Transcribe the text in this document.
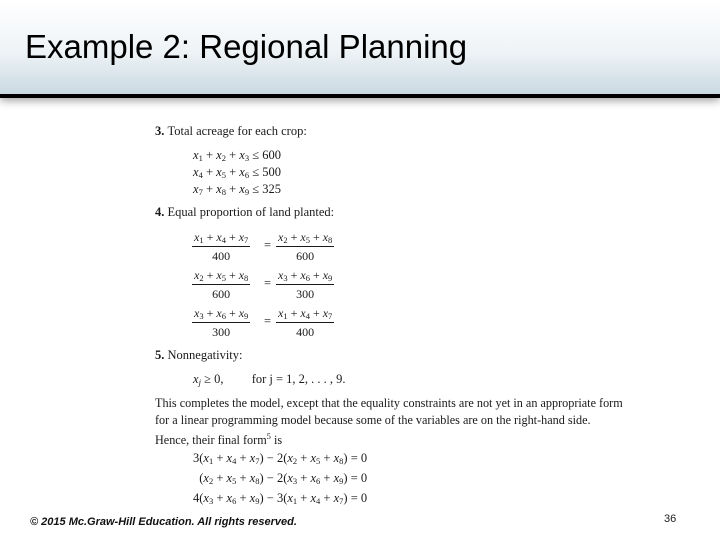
Example 2: Regional Planning
3. Total acreage for each crop:
$x_1 + x_2 + x_3 \le 600$
$x_4 + x_5 + x_6 \le 500$
$x_7 + x_8 + x_9 \le 325$
4. Equal proportion of land planted:
$\frac{x_1 + x_4 + x_7}{400} = \frac{x_2 + x_5 + x_8}{600}$
$\frac{x_2 + x_5 + x_8}{600} = \frac{x_3 + x_6 + x_9}{300}$
$\frac{x_3 + x_6 + x_9}{300} = \frac{x_1 + x_4 + x_7}{400}$
5. Nonnegativity:
$x_j \ge 0$, for j = 1, 2, . . . , 9.
This completes the model, except that the equality constraints are not yet in an appropriate form for a linear programming model because some of the variables are on the right-hand side. Hence, their final form$^5$ is
$3(x_1 + x_4 + x_7) - 2(x_2 + x_5 + x_8) = 0$
$(x_2 + x_5 + x_8) - 2(x_3 + x_6 + x_9) = 0$
$4(x_3 + x_6 + x_9) - 3(x_1 + x_4 + x_7) = 0$
© 2015 Mc.Graw-Hill Education. All rights reserved.	36
